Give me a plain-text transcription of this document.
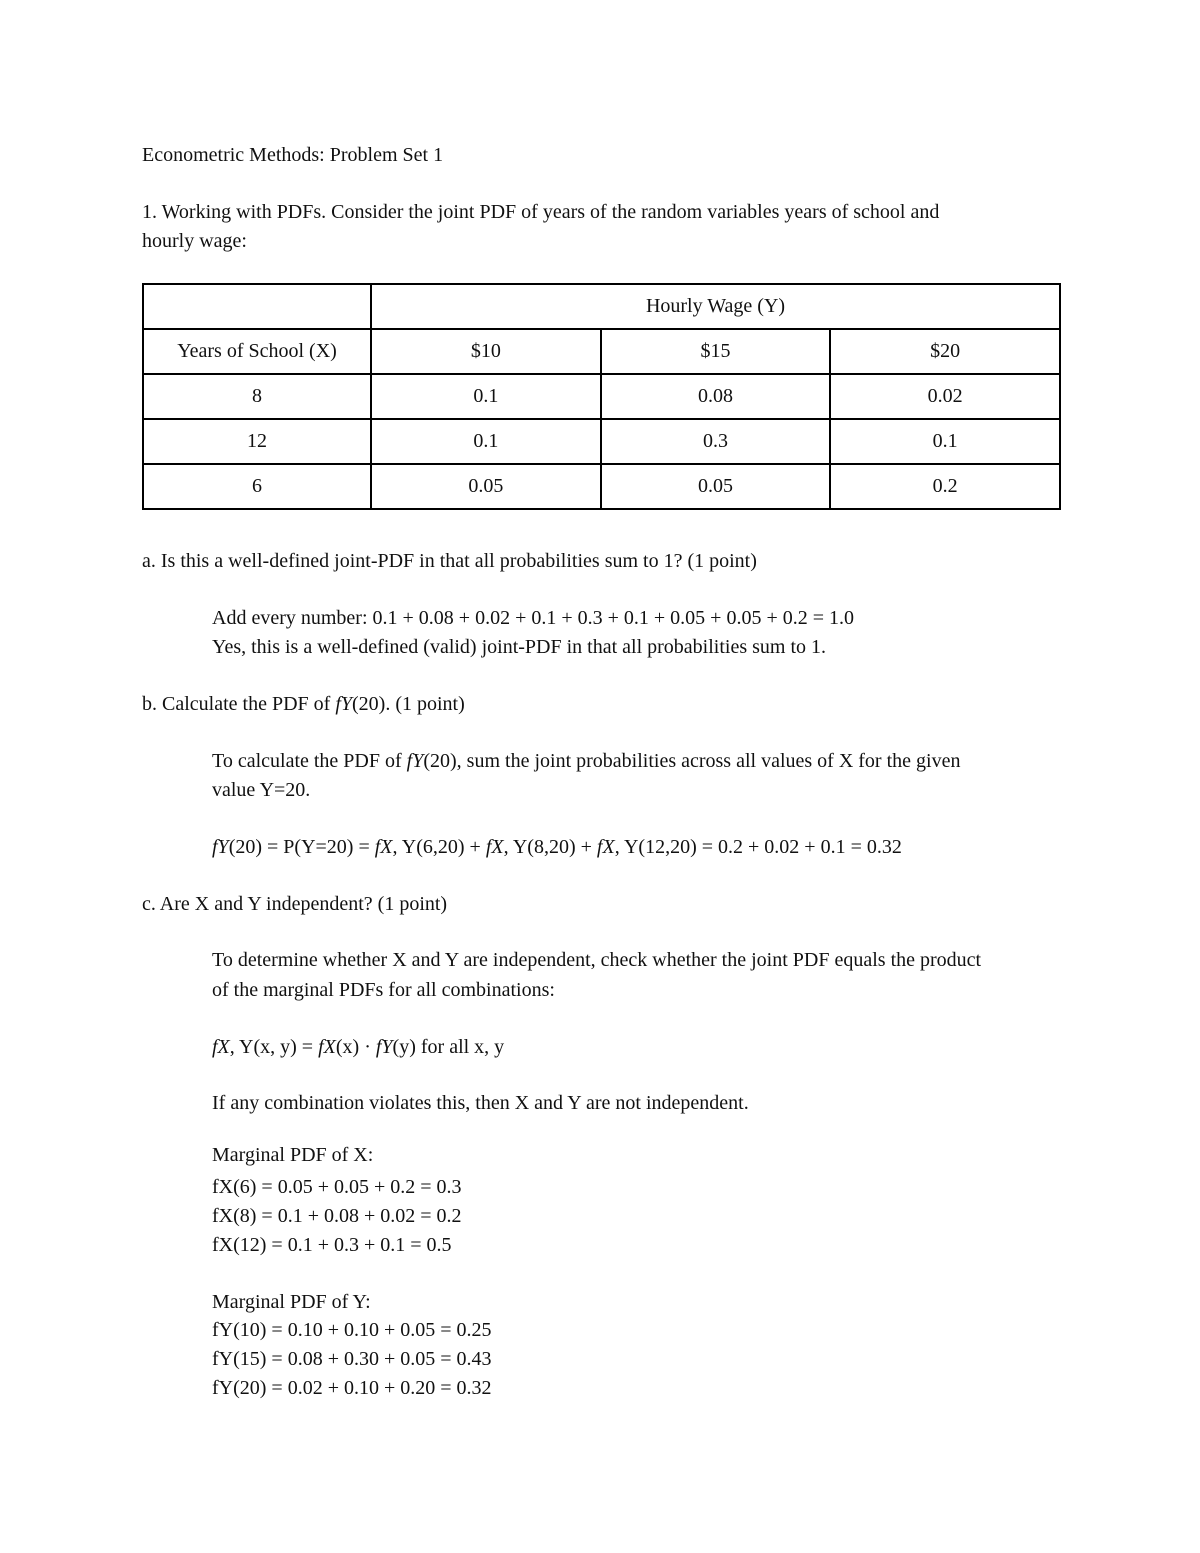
Econometric Methods: Problem Set 1
1. Working with PDFs. Consider the joint PDF of years of the random variables years of school and
hourly wage:
	Hourly Wage (Y)		
Years of School (X)	$10	$15	$20
8	0.1	0.08	0.02
12	0.1	0.3	0.1
6	0.05	0.05	0.2
a. Is this a well-defined joint-PDF in that all probabilities sum to 1? (1 point)
Add every number: 0.1 + 0.08 + 0.02 + 0.1 + 0.3 + 0.1 + 0.05 + 0.05 + 0.2 = 1.0
Yes, this is a well-defined (valid) joint-PDF in that all probabilities sum to 1.
b. Calculate the PDF of fY(20). (1 point)
To calculate the PDF of fY(20), sum the joint probabilities across all values of X for the given
value Y=20.
fY(20) = P(Y=20) = fX, Y(6,20) + fX, Y(8,20) + fX, Y(12,20) = 0.2 + 0.02 + 0.1 = 0.32
c. Are X and Y independent? (1 point)
To determine whether X and Y are independent, check whether the joint PDF equals the product
of the marginal PDFs for all combinations:
fX, Y(x, y) = fX(x) · fY(y) for all x, y
If any combination violates this, then X and Y are not independent.
Marginal PDF of X:
fX(6) = 0.05 + 0.05 + 0.2 = 0.3
fX(8) = 0.1 + 0.08 + 0.02 = 0.2
fX(12) = 0.1 + 0.3 + 0.1 = 0.5
Marginal PDF of Y:
fY(10) = 0.10 + 0.10 + 0.05 = 0.25
fY(15) = 0.08 + 0.30 + 0.05 = 0.43
fY(20) = 0.02 + 0.10 + 0.20 = 0.32
